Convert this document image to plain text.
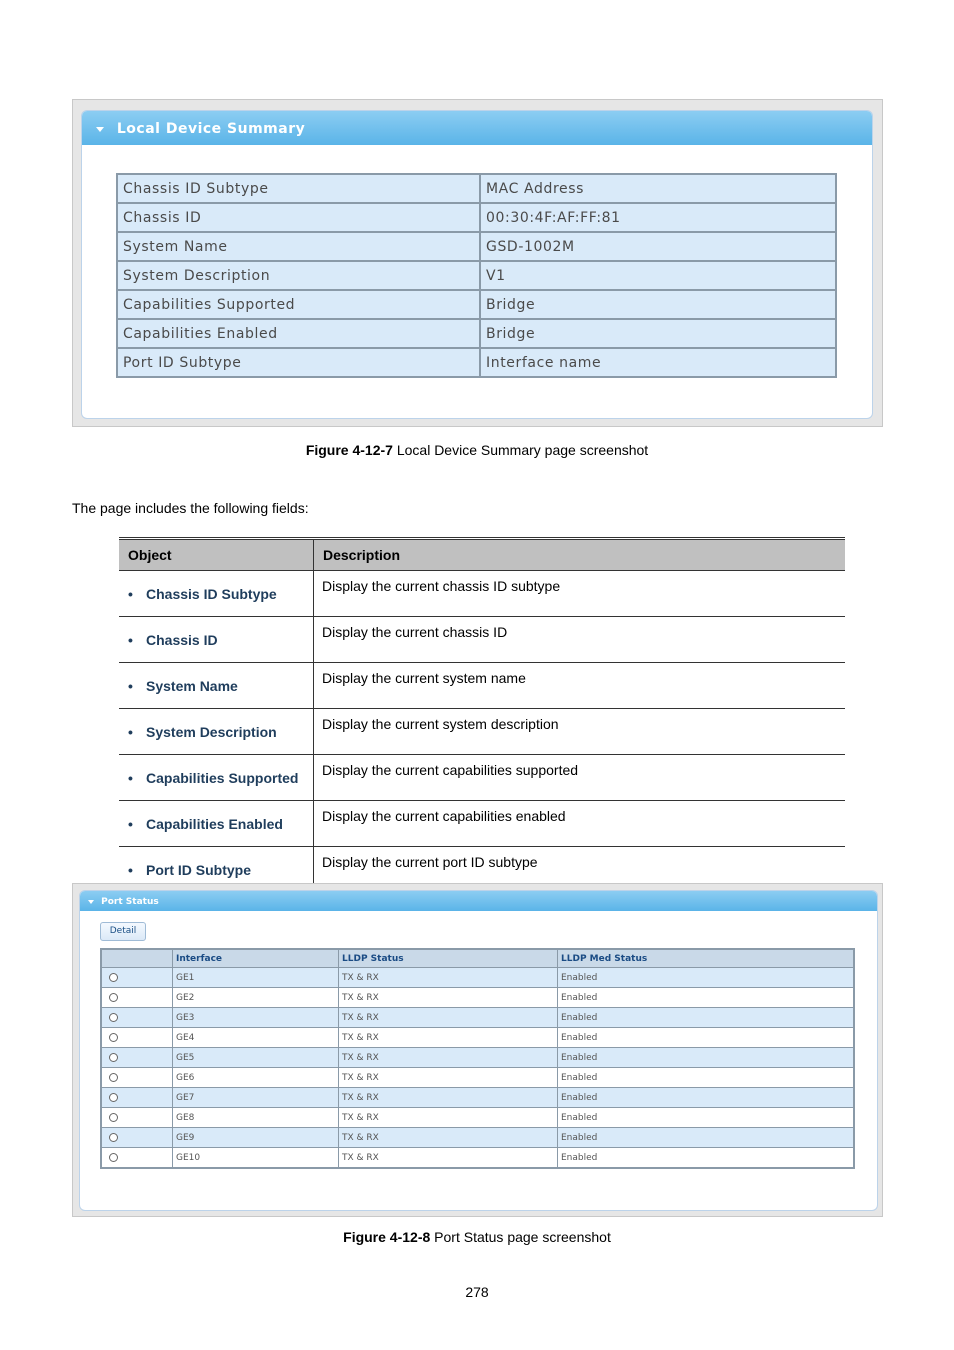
Local Device Summary
Chassis ID Subtype	MAC Address
Chassis ID	00:30:4F:AF:FF:81
System Name	GSD-1002M
System Description	V1
Capabilities Supported	Bridge
Capabilities Enabled	Bridge
Port ID Subtype	Interface name
Figure 4-12-7 Local Device Summary page screenshot
The page includes the following fields:
Object	Description
• Chassis ID Subtype	Display the current chassis ID subtype
• Chassis ID	Display the current chassis ID
• System Name	Display the current system name
• System Description	Display the current system description
• Capabilities Supported	Display the current capabilities supported
• Capabilities Enabled	Display the current capabilities enabled
• Port ID Subtype	Display the current port ID subtype
Port Status
Detail
	Interface	LLDP Status	LLDP Med Status
	GE1	TX & RX	Enabled
	GE2	TX & RX	Enabled
	GE3	TX & RX	Enabled
	GE4	TX & RX	Enabled
	GE5	TX & RX	Enabled
	GE6	TX & RX	Enabled
	GE7	TX & RX	Enabled
	GE8	TX & RX	Enabled
	GE9	TX & RX	Enabled
	GE10	TX & RX	Enabled
Figure 4-12-8 Port Status page screenshot
278
